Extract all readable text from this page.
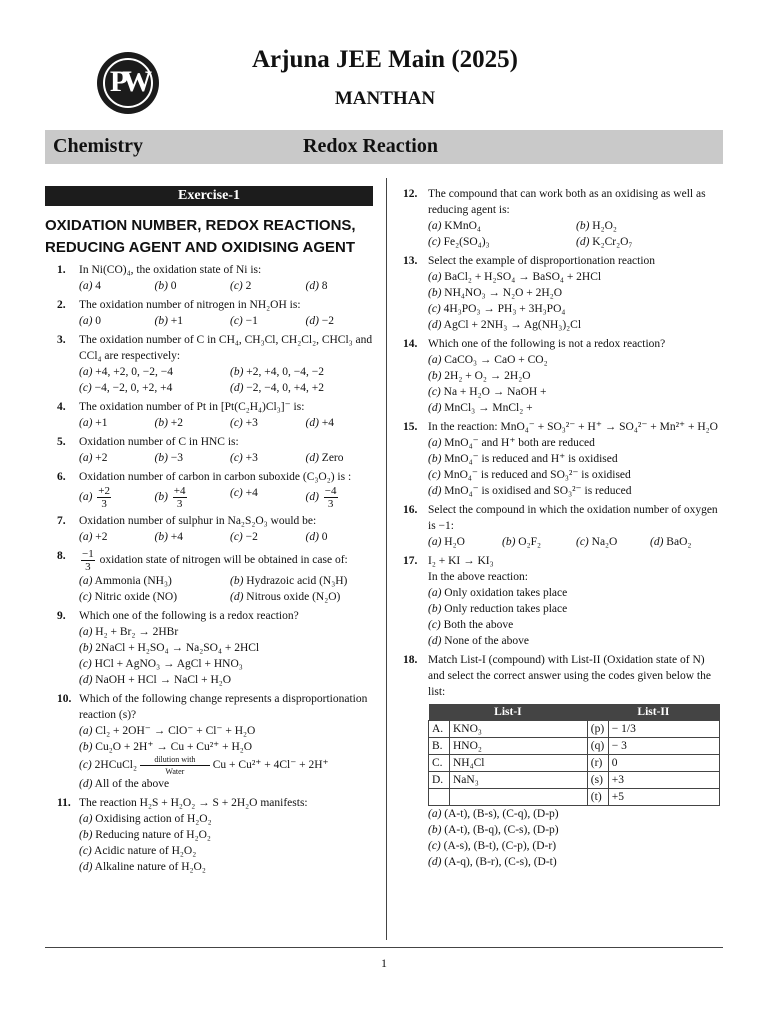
PW
Arjuna JEE Main (2025)
MANTHAN
Chemistry	Redox Reaction
Exercise-1
OXIDATION NUMBER, REDOX REACTIONS, REDUCING AGENT AND OXIDISING AGENT
1. In Ni(CO)₄, the oxidation state of Ni is:
(a) 4	(b) 0	(c) 2	(d) 8
2. The oxidation number of nitrogen in NH₂OH is:
(a) 0	(b) +1	(c) −1	(d) −2
3. The oxidation number of C in CH₄, CH₃Cl, CH₂Cl₂, CHCl₃ and CCl₄ are respectively:
(a) +4, +2, 0, −2, −4	(b) +2, +4, 0, −4, −2
(c) −4, −2, 0, +2, +4	(d) −2, −4, 0, +4, +2
4. The oxidation number of Pt in [Pt(C₂H₄)Cl₃]⁻ is:
(a) +1	(b) +2	(c) +3	(d) +4
5. Oxidation number of C in HNC is:
(a) +2	(b) −3	(c) +3	(d) Zero
6. Oxidation number of carbon in carbon suboxide (C₃O₂) is :
$(a) \frac{+2}{3}$	$(b) \frac{+4}{3}$	(c) +4	$(d) \frac{-4}{3}$
7. Oxidation number of sulphur in Na₂S₂O₃ would be:
(a) +2	(b) +4	(c) −2	(d) 0
8. $\frac{-1}{3}$ oxidation state of nitrogen will be obtained in case of:
(a) Ammonia (NH₃)	(b) Hydrazoic acid (N₃H)
(c) Nitric oxide (NO)	(d) Nitrous oxide (N₂O)
9. Which one of the following is a redox reaction?
(a) H₂ + Br₂ → 2HBr
(b) 2NaCl + H₂SO₄ → Na₂SO₄ + 2HCl
(c) HCl + AgNO₃ → AgCl + HNO₃
(d) NaOH + HCl → NaCl + H₂O
10. Which of the following change represents a disproportionation reaction (s)?
(a) Cl₂ + 2OH⁻ → ClO⁻ + Cl⁻ + H₂O
(b) Cu₂O + 2H⁺ → Cu + Cu²⁺ + H₂O
(c) 2HCuCl₂ dilution with
Water Cu + Cu²⁺ + 4Cl⁻ + 2H⁺
(d) All of the above
11. The reaction H₂S + H₂O₂ → S + 2H₂O manifests:
(a) Oxidising action of H₂O₂
(b) Reducing nature of H₂O₂
(c) Acidic nature of H₂O₂
(d) Alkaline nature of H₂O₂
12. The compound that can work both as an oxidising as well as reducing agent is:
(a) KMnO₄	(b) H₂O₂
(c) Fe₂(SO₄)₃	(d) K₂Cr₂O₇
13. Select the example of disproportionation reaction
(a) BaCl₂ + H₂SO₄ → BaSO₄ + 2HCl
(b) NH₄NO₃ → N₂O + 2H₂O
(c) 4H₃PO₃ → PH₃ + 3H₃PO₄
(d) AgCl + 2NH₃ → Ag(NH₃)₂Cl
14. Which one of the following is not a redox reaction?
(a) CaCO₃ → CaO + CO₂
(b) 2H₂ + O₂ → 2H₂O
(c) Na + H₂O → NaOH +
(d) MnCl₃ → MnCl₂ +
15. In the reaction: MnO₄⁻ + SO₃²⁻ + H⁺ → SO₄²⁻ + Mn²⁺ + H₂O
(a) MnO₄⁻ and H⁺ both are reduced
(b) MnO₄⁻ is reduced and H⁺ is oxidised
(c) MnO₄⁻ is reduced and SO₃²⁻ is oxidised
(d) MnO₄⁻ is oxidised and SO₃²⁻ is reduced
16. Select the compound in which the oxidation number of oxygen is −1:
(a) H₂O	(b) O₂F₂	(c) Na₂O	(d) BaO₂
17. I₂ + KI → KI₃
In the above reaction:
(a) Only oxidation takes place
(b) Only reduction takes place
(c) Both the above
(d) None of the above
18. Match List-I (compound) with List-II (Oxidation state of N) and select the correct answer using the codes given below the list:
List-I		List-II	
A.	KNO₃	(p)	− 1/3
B.	HNO₂	(q)	− 3
C.	NH₄Cl	(r)	0
D.	NaN₃	(s)	+3
		(t)	+5
(a) (A-t), (B-s), (C-q), (D-p)
(b) (A-t), (B-q), (C-s), (D-p)
(c) (A-s), (B-t), (C-p), (D-r)
(d) (A-q), (B-r), (C-s), (D-t)
1
